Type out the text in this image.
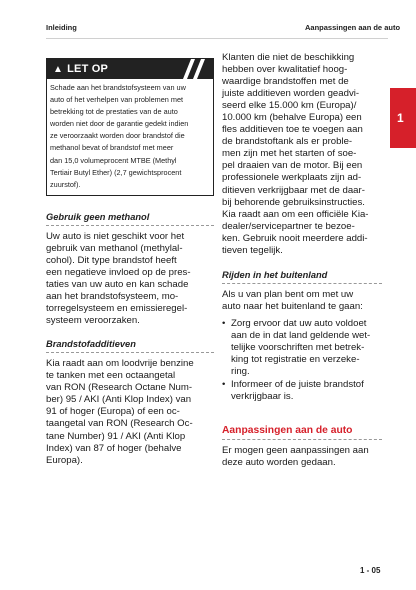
Inleiding	Aanpassingen aan de auto
1
▲ LET OP
Schade aan het brandstofsysteem van uw
auto of het verhelpen van problemen met
betrekking tot de prestaties van de auto
worden niet door de garantie gedekt indien
ze veroorzaakt worden door brandstof die
methanol bevat of brandstof met meer
dan 15,0 volumeprocent MTBE (Methyl
Tertiair Butyl Ether) (2,7 gewichtsprocent
zuurstof).
Gebruik geen methanol
Uw auto is niet geschikt voor het
gebruik van methanol (methylal-
cohol). Dit type brandstof heeft
een negatieve invloed op de pres-
taties van uw auto en kan schade
aan het brandstofsysteem, mo-
torregelsysteem en emissieregel-
systeem veroorzaken.
Brandstofadditieven
Kia raadt aan om loodvrije benzine
te tanken met een octaangetal
van RON (Research Octane Num-
ber) 95 / AKI (Anti Klop Index) van
91 of hoger (Europa) of een oc-
taangetal van RON (Research Oc-
tane Number) 91 / AKI (Anti Klop
Index) van 87 of hoger (behalve
Europa).
Klanten die niet de beschikking
hebben over kwalitatief hoog-
waardige brandstoffen met de
juiste additieven worden geadvi-
seerd elke 15.000 km (Europa)/
10.000 km (behalve Europa) een
fles additieven toe te voegen aan
de brandstoftank als er proble-
men zijn met het starten of soe-
pel draaien van de motor. Bij een
professionele werkplaats zijn ad-
ditieven verkrijgbaar met de daar-
bij behorende gebruiksinstructies.
Kia raadt aan om een officiële Kia-
dealer/servicepartner te bezoe-
ken. Gebruik nooit meerdere addi-
tieven tegelijk.
Rijden in het buitenland
Als u van plan bent om met uw
auto naar het buitenland te gaan:
• Zorg ervoor dat uw auto voldoet
aan de in dat land geldende wet-
telijke voorschriften met betrek-
king tot registratie en verzeke-
ring.
• Informeer of de juiste brandstof
verkrijgbaar is.
Aanpassingen aan de auto
Er mogen geen aanpassingen aan
deze auto worden gedaan.
1 - 05
